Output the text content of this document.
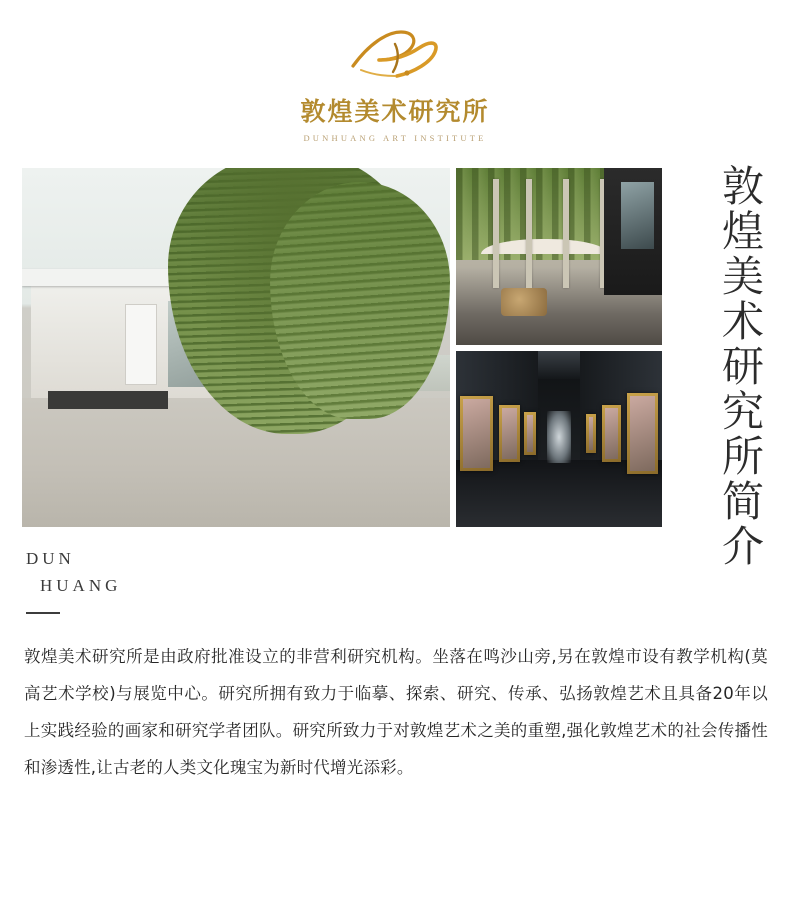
敦煌美术研究所
DUNHUANG ART INSTITUTE
敦煌美术研究所简介
DUN
HUANG
敦煌美术研究所是由政府批准设立的非营利研究机构。坐落在鸣沙山旁,另在敦煌市设有教学机构(莫高艺术学校)与展览中心。研究所拥有致力于临摹、探索、研究、传承、弘扬敦煌艺术且具备20年以上实践经验的画家和研究学者团队。研究所致力于对敦煌艺术之美的重塑,强化敦煌艺术的社会传播性和渗透性,让古老的人类文化瑰宝为新时代增光添彩。
